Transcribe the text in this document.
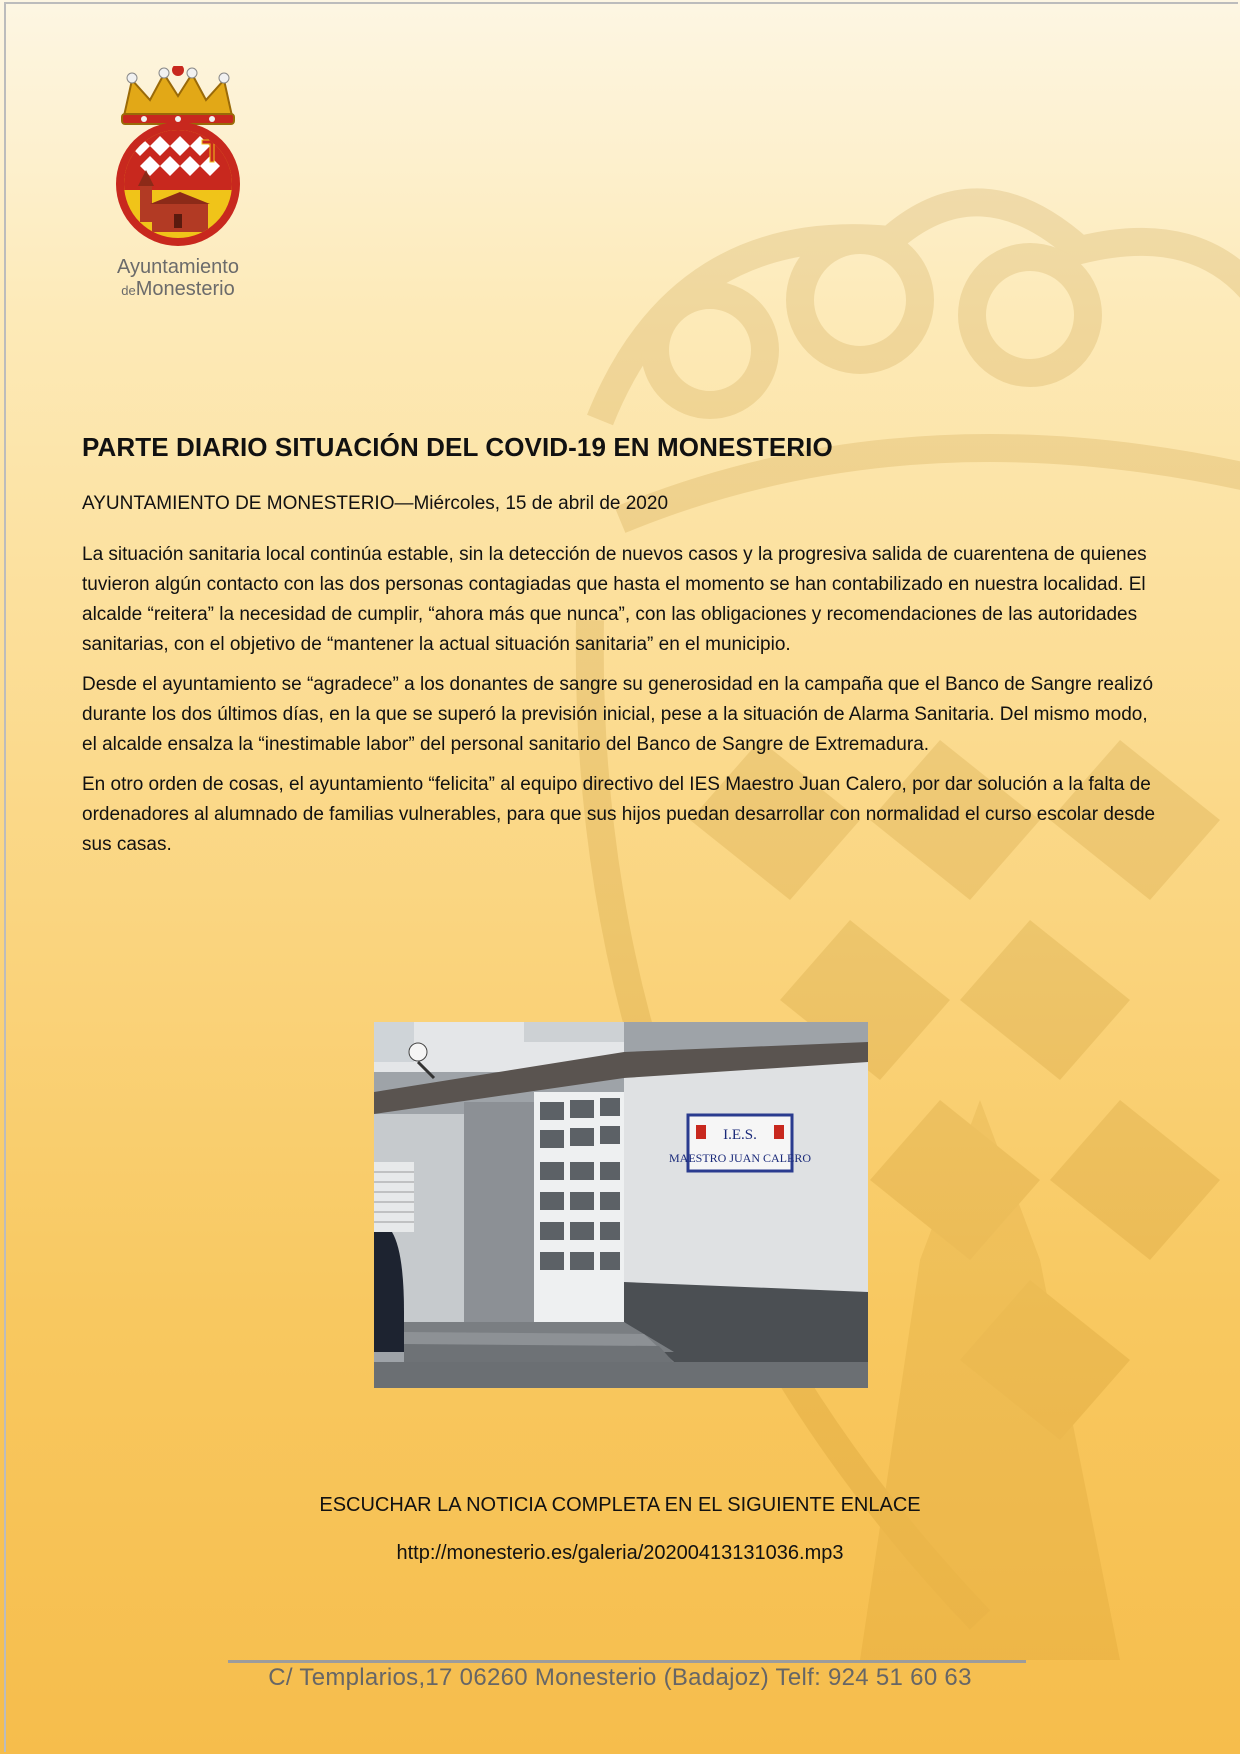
Ayuntamiento
deMonesterio
PARTE DIARIO SITUACIÓN DEL COVID-19 EN MONESTERIO

AYUNTAMIENTO DE MONESTERIO—Miércoles, 15 de abril de 2020

La situación sanitaria local continúa estable, sin la detección de nuevos casos y la progresiva salida de cuarentena de quienes tuvieron algún contacto con las dos personas contagiadas que hasta el momento se han contabilizado en nuestra localidad. El alcalde “reitera” la necesidad de cumplir, “ahora más que nunca”, con las obligaciones y recomendaciones de las autoridades sanitarias, con el objetivo de “mantener la actual situación sanitaria” en el municipio.

Desde el ayuntamiento se “agradece” a los donantes de sangre su generosidad en la campaña que el Banco de Sangre realizó durante los dos últimos días, en la que se superó la previsión inicial, pese a la situación de Alarma Sanitaria. Del mismo modo, el alcalde ensalza la “inestimable labor” del personal sanitario del Banco de Sangre de Extremadura.

En otro orden de cosas, el ayuntamiento “felicita” al equipo directivo del IES Maestro Juan Calero, por dar solución a la falta de ordenadores al alumnado de familias vulnerables, para que sus hijos puedan desarrollar con normalidad el curso escolar desde sus casas.

I.E.S.
MAESTRO JUAN CALERO
ESCUCHAR LA NOTICIA COMPLETA EN EL SIGUIENTE ENLACE
http://monesterio.es/galeria/20200413131036.mp3
C/ Templarios,17 06260 Monesterio (Badajoz) Telf: 924 51 60 63
